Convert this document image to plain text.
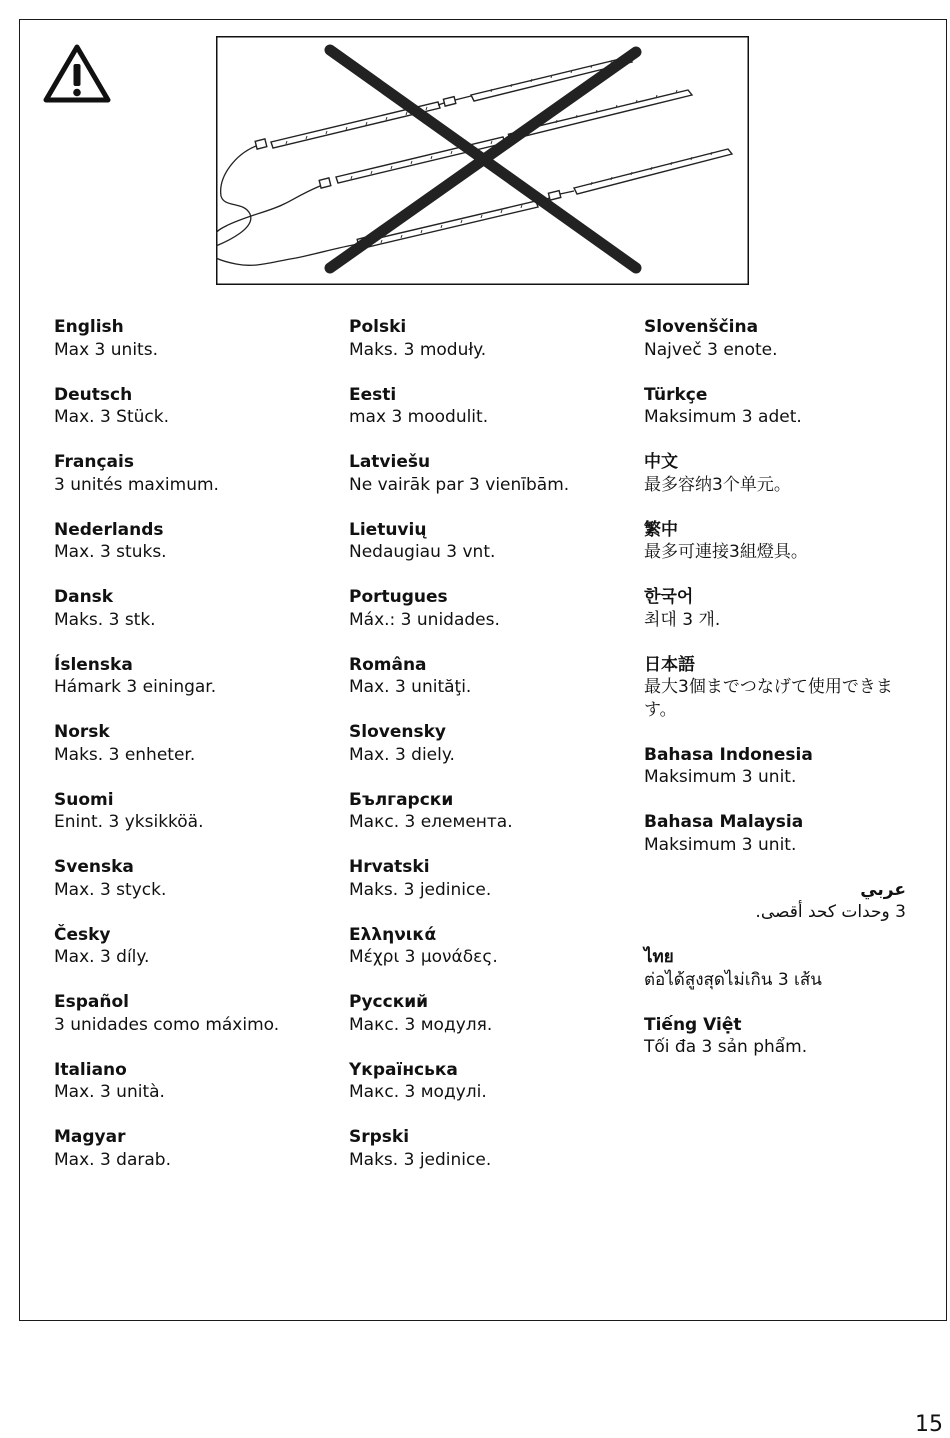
English
Max 3 units.
Deutsch
Max. 3 Stück.
Français
3 unités maximum.
Nederlands
Max. 3 stuks.
Dansk
Maks. 3 stk.
Íslenska
Hámark 3 einingar.
Norsk
Maks. 3 enheter.
Suomi
Enint. 3 yksikköä.
Svenska
Max. 3 styck.
Česky
Max. 3 díly.
Español
3 unidades como máximo.
Italiano
Max. 3 unità.
Magyar
Max. 3 darab.
Polski
Maks. 3 moduły.
Eesti
max 3 moodulit.
Latviešu
Ne vairāk par 3 vienībām.
Lietuvių
Nedaugiau 3 vnt.
Portugues
Máx.: 3 unidades.
Româna
Max. 3 unităţi.
Slovensky
Max. 3 diely.
Български
Макс. 3 елемента.
Hrvatski
Maks. 3 jedinice.
Ελληνικά
Μέχρι 3 μονάδες.
Русский
Макс. 3 модуля.
Yкраїнська
Макс. 3 модулі.
Srpski
Maks. 3 jedinice.
Slovenščina
Največ 3 enote.
Türkçe
Maksimum 3 adet.
中文
最多容纳3个单元。
繁中
最多可連接3組燈具。
한국어
최대 3 개.
日本語
最大3個までつなげて使用できます。
Bahasa Indonesia
Maksimum 3 unit.
Bahasa Malaysia
Maksimum 3 unit.
عربي
3 وحدات كحد أقصى.
ไทย
ต่อได้สูงสุดไม่เกิน 3 เส้น
Tiếng Việt
Tối đa 3 sản phẩm.
15
